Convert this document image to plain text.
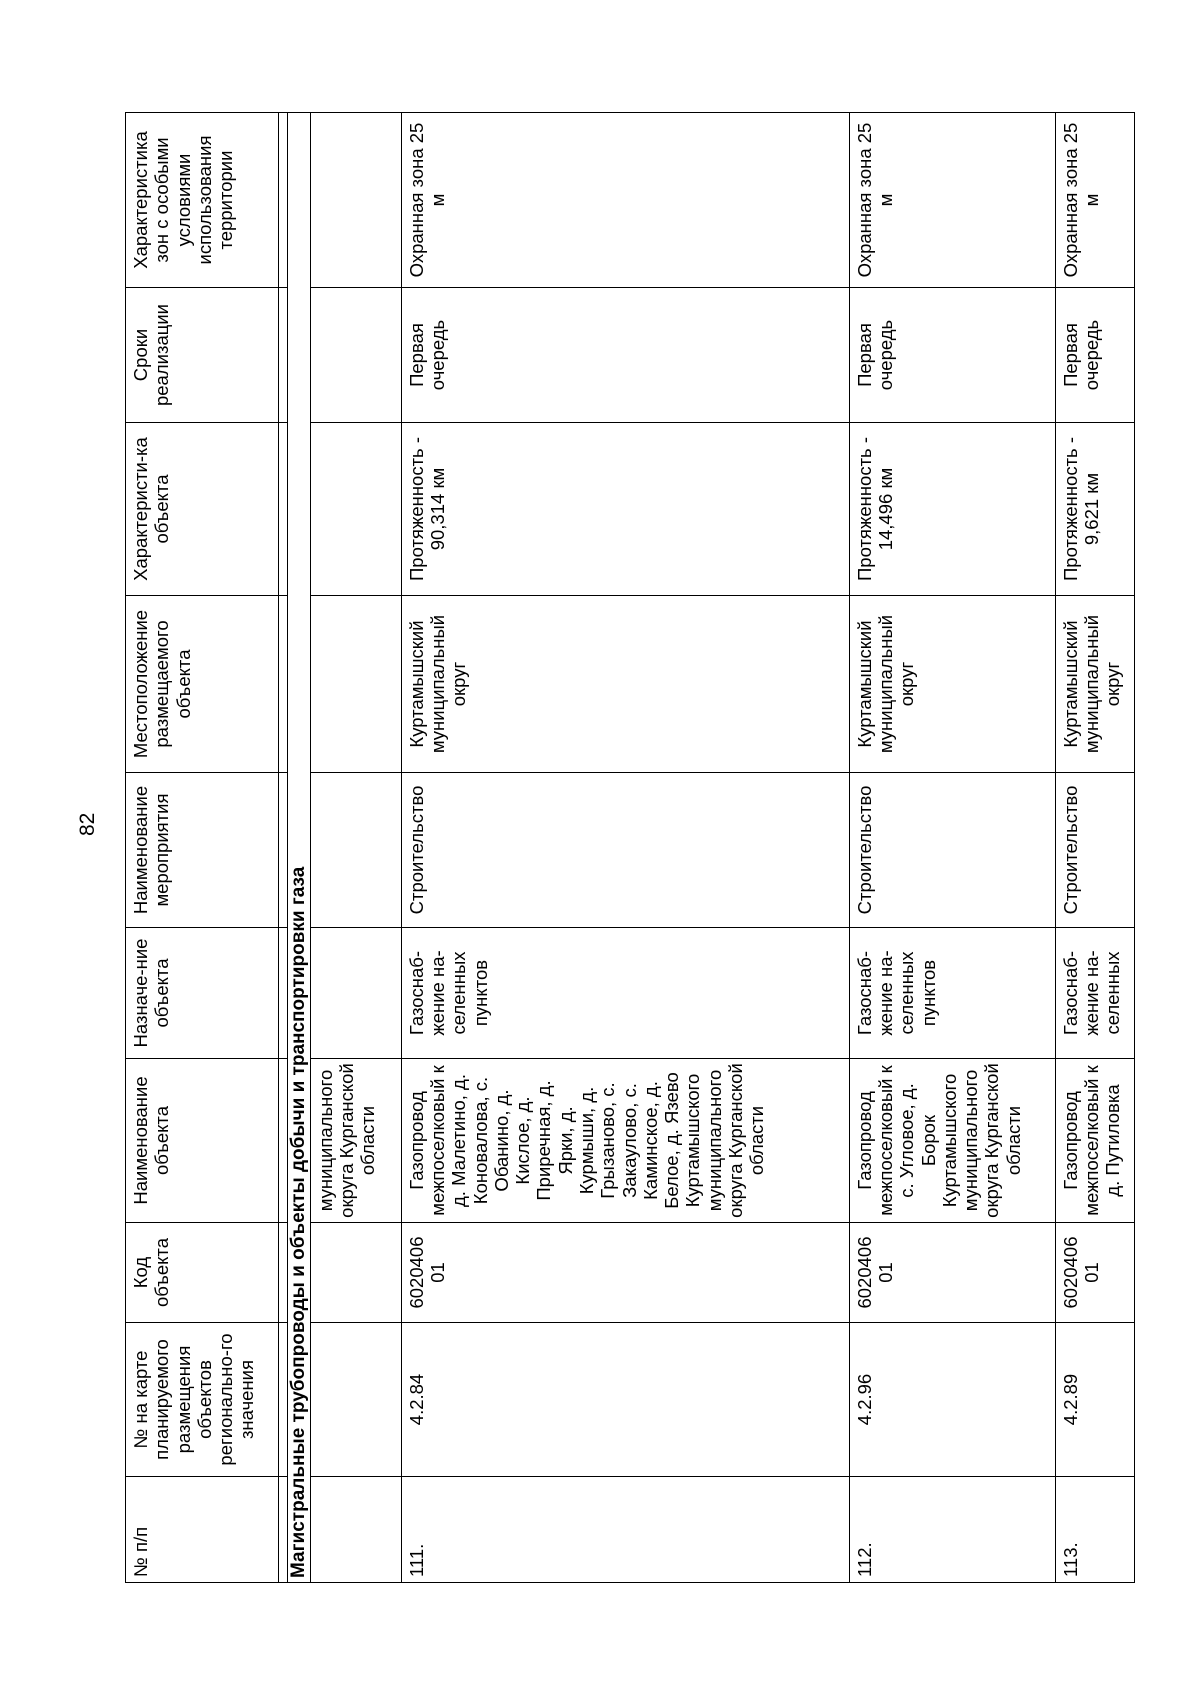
82
№ п/п	№ на карте планируемого размещения объектов регионально-го значения	Код объекта	Наименование объекта	Назначе-ние объекта	Наименование мероприятия	Местоположение размещаемого объекта	Характеристи-ка объекта	Сроки реализации	Характеристика зон с особыми условиями использования территории

Магистральные трубопроводы и объекты добычи и транспортировки газа									
			муниципального округа Курганской области						
111.	4.2.84	6020406 01	Газопровод межпоселковый к д. Малетино, д. Коновалова, с. Обанино, д. Кислое, д. Приречная, д. Ярки, д. Курмыши, д. Грызаново, с. Закаулово, с. Каминское, д. Белое, д. Язево Куртамышского муниципального округа Курганской области	Газоснаб-жение на-селенных пунктов	Строительство	Куртамышский муниципальный округ	Протяженность - 90,314 км	Первая очередь	Охранная зона 25 м
112.	4.2.96	6020406 01	Газопровод межпоселковый к с. Угловое, д. Борок Куртамышского муниципального округа Курганской области	Газоснаб-жение на-селенных пунктов	Строительство	Куртамышский муниципальный округ	Протяженность - 14,496 км	Первая очередь	Охранная зона 25 м
113.	4.2.89	6020406 01	Газопровод межпоселковый к д. Путиловка	Газоснаб-жение на-селенных	Строительство	Куртамышский муниципальный округ	Протяженность - 9,621 км	Первая очередь	Охранная зона 25 м
